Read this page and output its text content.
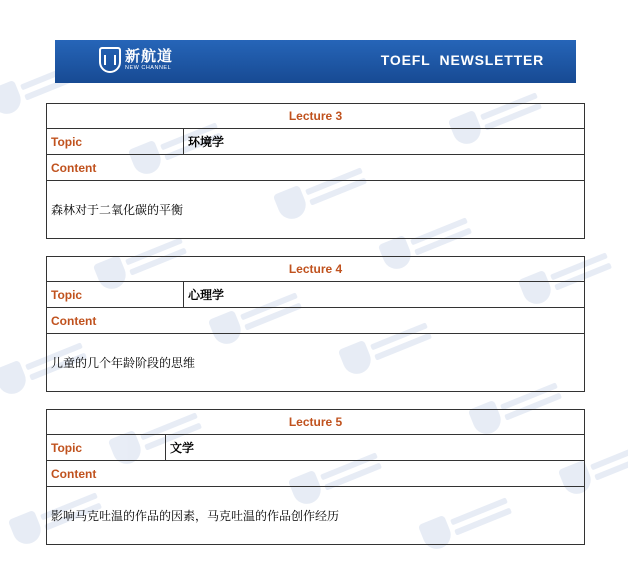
新航道
NEW CHANNEL	TOEFL  NEWSLETTER
Lecture 3
Topic	环境学
Content
森林对于二氧化碳的平衡
Lecture 4
Topic	心理学
Content
儿童的几个年龄阶段的思维
Lecture 5
Topic	文学
Content
影响马克吐温的作品的因素，马克吐温的作品创作经历
